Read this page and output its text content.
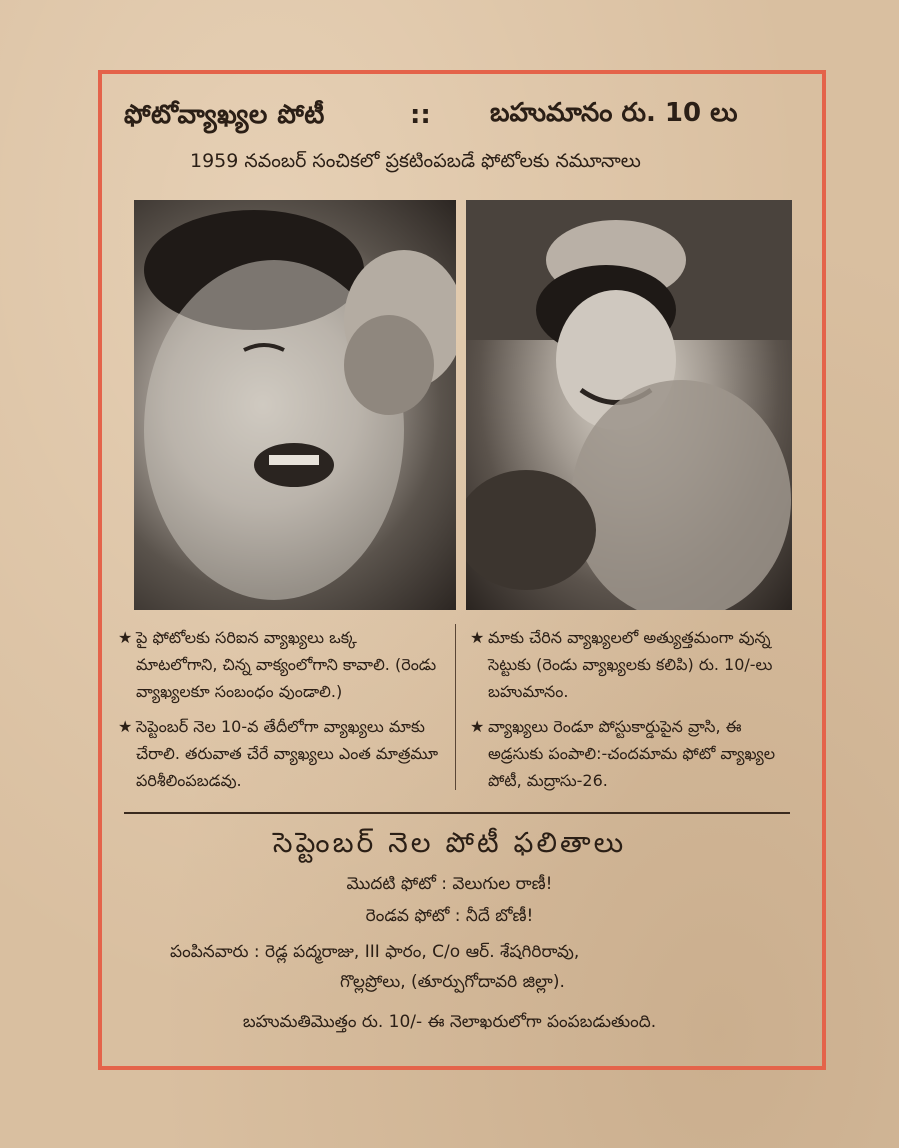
ఫోటోవ్యాఖ్యల పోటీ	:: బహుమానం రు. 10 లు
1959 నవంబర్ సంచికలో ప్రకటింపబడే ఫోటోలకు నమూనాలు
★ పై ఫోటోలకు సరిఐన వ్యాఖ్యలు ఒక్క మాటలోగాని, చిన్న వాక్యంలోగాని కావాలి. (రెండు వ్యాఖ్యలకూ సంబంధం వుండాలి.)
★ సెప్టెంబర్ నెల 10-వ తేదీలోగా వ్యాఖ్యలు మాకు చేరాలి. తరువాత చేరే వ్యాఖ్యలు ఎంత మాత్రమూ పరిశీలింపబడవు.
★ మాకు చేరిన వ్యాఖ్యలలో అత్యుత్తమంగా వున్న సెట్టుకు (రెండు వ్యాఖ్యలకు కలిపి) రు. 10/-లు బహుమానం.
★ వ్యాఖ్యలు రెండూ పోస్టుకార్డుపైన వ్రాసి, ఈ అడ్రసుకు పంపాలి:-చందమామ ఫోటో వ్యాఖ్యల పోటీ, మద్రాసు-26.
సెప్టెంబర్ నెల పోటీ ఫలితాలు
మొదటి ఫోటో : వెలుగుల రాణీ!
రెండవ ఫోటో : నీదే బోణీ!
పంపినవారు : రెడ్ల పద్మరాజు, III ఫారం, C/o ఆర్. శేషగిరిరావు,
గొల్లప్రోలు, (తూర్పుగోదావరి జిల్లా).
బహుమతిమొత్తం రు. 10/- ఈ నెలాఖరులోగా పంపబడుతుంది.
